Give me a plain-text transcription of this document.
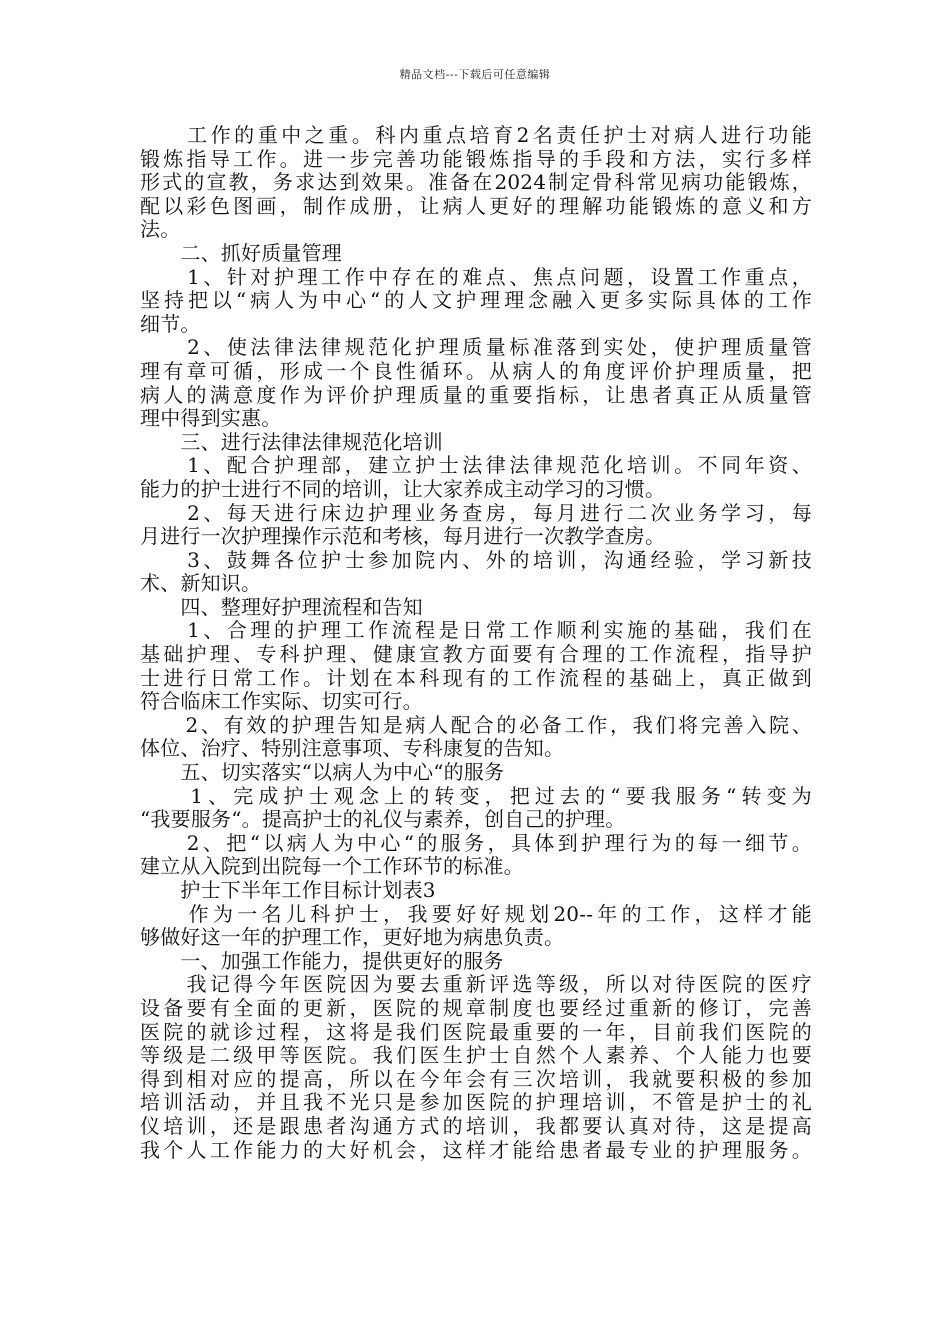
精品文档---下载后可任意编辑
　　工作的重中之重。科内重点培育2名责任护士对病人进行功能
锻炼指导工作。进一步完善功能锻炼指导的手段和方法，实行多样
形式的宣教，务求达到效果。准备在2024制定骨科常见病功能锻炼，
配以彩色图画，制作成册，让病人更好的理解功能锻炼的意义和方
法。
　　二、抓好质量管理
　　1、针对护理工作中存在的难点、焦点问题，设置工作重点，
坚持把以“病人为中心“的人文护理理念融入更多实际具体的工作
细节。
　　2、使法律法律规范化护理质量标准落到实处，使护理质量管
理有章可循，形成一个良性循环。从病人的角度评价护理质量，把
病人的满意度作为评价护理质量的重要指标，让患者真正从质量管
理中得到实惠。
　　三、进行法律法律规范化培训
　　1、配合护理部，建立护士法律法律规范化培训。不同年资、
能力的护士进行不同的培训，让大家养成主动学习的习惯。
　　2、每天进行床边护理业务查房，每月进行二次业务学习，每
月进行一次护理操作示范和考核，每月进行一次教学查房。
　　3、鼓舞各位护士参加院内、外的培训，沟通经验，学习新技
术、新知识。
　　四、整理好护理流程和告知
　　1、合理的护理工作流程是日常工作顺利实施的基础，我们在
基础护理、专科护理、健康宣教方面要有合理的工作流程，指导护
士进行日常工作。计划在本科现有的工作流程的基础上，真正做到
符合临床工作实际、切实可行。
　　2、有效的护理告知是病人配合的必备工作，我们将完善入院、
体位、治疗、特别注意事项、专科康复的告知。
　　五、切实落实“以病人为中心“的服务
　　1、完成护士观念上的转变，把过去的“要我服务“转变为
“我要服务“。提高护士的礼仪与素养，创自己的护理。
　　2、把“以病人为中心“的服务，具体到护理行为的每一细节。
建立从入院到出院每一个工作环节的标准。
　　护士下半年工作目标计划表3
　　作为一名儿科护士，我要好好规划20--年的工作，这样才能
够做好这一年的护理工作，更好地为病患负责。
　　一、加强工作能力，提供更好的服务
　　我记得今年医院因为要去重新评选等级，所以对待医院的医疗
设备要有全面的更新，医院的规章制度也要经过重新的修订，完善
医院的就诊过程，这将是我们医院最重要的一年，目前我们医院的
等级是二级甲等医院。我们医生护士自然个人素养、个人能力也要
得到相对应的提高，所以在今年会有三次培训，我就要积极的参加
培训活动，并且我不光只是参加医院的护理培训，不管是护士的礼
仪培训，还是跟患者沟通方式的培训，我都要认真对待，这是提高
我个人工作能力的大好机会，这样才能给患者最专业的护理服务。
